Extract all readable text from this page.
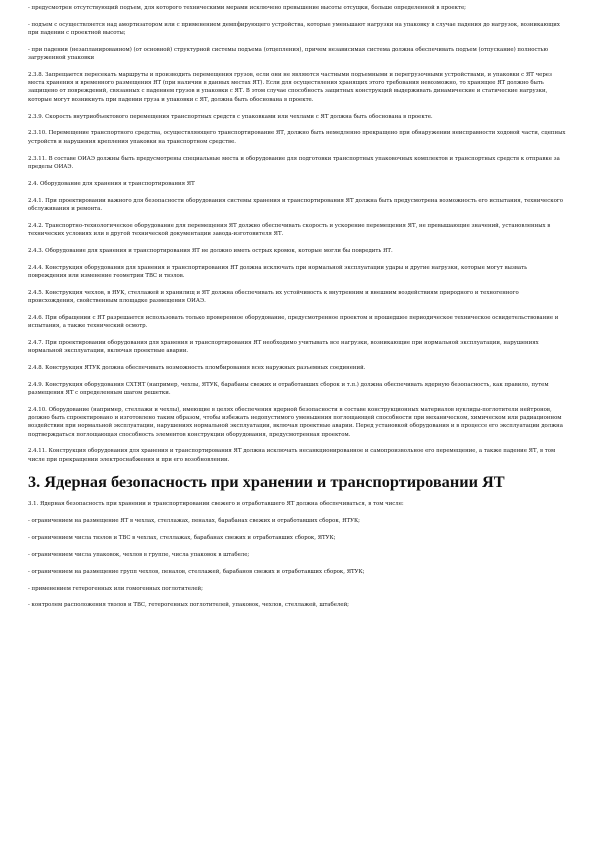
- предусмотрен отсутствующий подъем, для которого техническими мерами исключено превышение высоты отсущки, больше определенной в проекте;

- подъем с осуществляется над амортизатором или с применением демпфирующего устройства, которые уменьшают нагрузки на упаковку в случае падения до нагрузок, возникающих при падении с проектной высоты;

- при падении (незапланированном) (от основной) структурной системы подъема (отцепления), причем независимая система должна обеспечивать подъем (отпускание) полностью загруженной упаковки

2.3.8. Запрещается пересекать маршруты и производить перемещения грузов, если они не являются частными подъемными и перегрузочными устройствами, и упаковки с ЯТ через места хранения и временного размещения ЯТ (при наличии в данных местах ЯТ). Если для осуществления хранящих этого требования невозможно, то хранящее ЯТ должно быть защищено от повреждений, связанных с падением грузов и упаковки с ЯТ. В этом случае способность защитных конструкций выдерживать динамические и статические нагрузки, которые могут возникнуть при падении груза и упаковки с ЯТ, должна быть обоснована в проекте.

2.3.9. Скорость внутриобъектового перемещения транспортных средств с упаковками или чехлами с ЯТ должна быть обоснована в проекте.

2.3.10. Перемещение транспортного средства, осуществляющего транспортирование ЯТ, должно быть немедленно прекращено при обнаружении неисправности ходовой части, сцепных устройств и нарушения крепления упаковки на транспортном средстве.

2.3.11. В составе ОИАЭ должны быть предусмотрены специальные места и оборудование для подготовки транспортных упаковочных комплектов и транспортных средств к отправке за пределы ОИАЭ.

2.4. Оборудование для хранения и транспортирования ЯТ

2.4.1. При проектировании важного для безопасности оборудования системы хранения и транспортирования ЯТ должна быть предусмотрена возможность его испытания, технического обслуживания и ремонта.

2.4.2. Транспортно-технологическое оборудование для перемещения ЯТ должно обеспечивать скорость и ускорение перемещения ЯТ, не превышающие значений, установленных в технических условиях или в другой технической документации завода-изготовителя ЯТ.

2.4.3. Оборудование для хранения и транспортирования ЯТ не должно иметь острых кромок, которые могли бы повредить ЯТ.

2.4.4. Конструкция оборудования для хранения и транспортирования ЯТ должна исключать при нормальной эксплуатации удары и другие нагрузки, которые могут вызвать повреждения или изменение геометрии ТВС и твэлов.

2.4.5. Конструкция чехлов, в ЯУК, стеллажей и хранилищ и ЯТ должна обеспечивать их устойчивость к внутренним и внешним воздействиям природного и техногенного происхождения, свойственным площадке размещения ОИАЭ.

2.4.6. При обращении с ЯТ разрешается использовать только проверенное оборудование, предусмотренное проектом и прошедшее периодическое техническое освидетельствование и испытания, а также технический осмотр.

2.4.7. При проектировании оборудования для хранения и транспортирования ЯТ необходимо учитывать все нагрузки, возникающие при нормальной эксплуатации, нарушениях нормальной эксплуатации, включая проектные аварии.

2.4.8. Конструкция ЯТУК должна обеспечивать возможность пломбирования всех наружных разъемных соединений.

2.4.9. Конструкция оборудования СХТЯТ (например, чехлы, ЯТУК, барабаны свежих и отработавших сборок и т.п.) должна обеспечивать ядерную безопасность, как правило, путем размещения ЯТ с определенным шагом решетки.

2.4.10. Оборудование (например, стеллажи и чехлы), имеющие в целях обеспечения ядерной безопасности в составе конструкционных материалов нуклиды-поглотители нейтронов, должно быть спроектировано и изготовлено таким образом, чтобы избежать недопустимого уменьшения поглощающей способности при механическом, химическом или радиационном воздействии при нормальной эксплуатации, нарушениях нормальной эксплуатации, включая проектные аварии. Перед установкой оборудования и в процессе его эксплуатации должна подтверждаться поглощающая способность элементов конструкции оборудования, предусмотренная проектом.

2.4.11. Конструкция оборудования для хранения и транспортирования ЯТ должна исключать несанкционированное и самопроизвольное его перемещение, а также падение ЯТ, в том числе при прекращении электроснабжения и при его возобновлении.

3. Ядерная безопасность при хранении и транспортировании ЯТ

3.1. Ядерная безопасность при хранении и транспортировании свежего и отработавшего ЯТ должна обеспечиваться, в том числе:

- ограничением на размещение ЯТ в чехлах, стеллажах, пеналах, барабанах свежих и отработавших сборок, ЯТУК;

- ограничением числа твэлов и ТВС в чехлах, стеллажах, барабанах свежих и отработавших сборок, ЯТУК;

- ограничением числа упаковок, чехлов в группе, числа упаковок в штабеле;

- ограничением на размещение групп чехлов, пеналов, стеллажей, барабанов свежих и отработавших сборок, ЯТУК;

- применением гетерогенных или гомогенных поглотителей;

- контролем расположения твэлов и ТВС, гетерогенных поглотителей, упаковок, чехлов, стеллажей, штабелей;
